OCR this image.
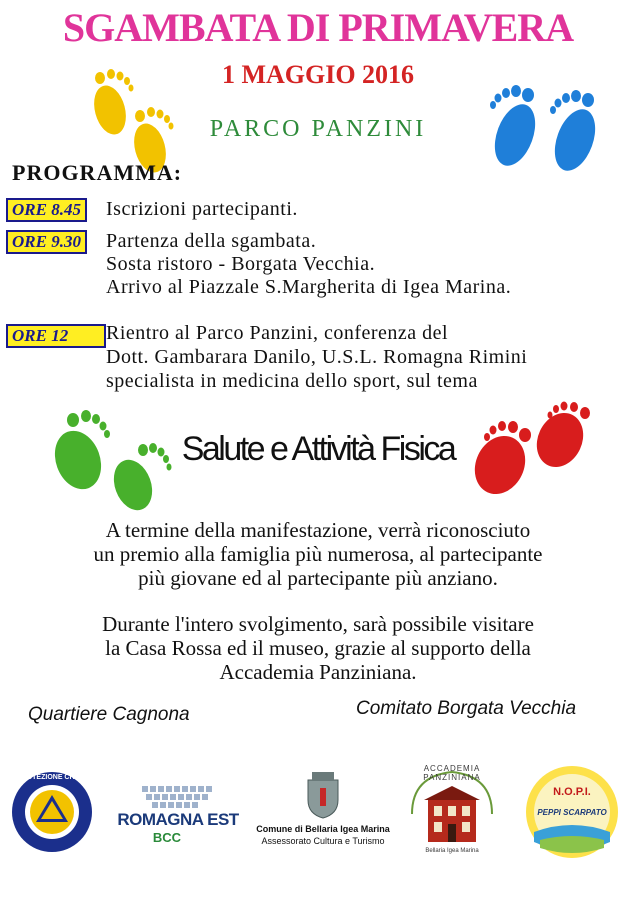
SGAMBATA DI PRIMAVERA
1 MAGGIO 2016
PARCO PANZINI
PROGRAMMA:
ORE 8.45	Iscrizioni partecipanti.
ORE 9.30	Partenza della sgambata.
Sosta ristoro - Borgata Vecchia.
Arrivo al Piazzale S.Margherita di Igea Marina.
ORE 12	Rientro al Parco Panzini, conferenza del
Dott. Gambarara Danilo, U.S.L. Romagna Rimini
specialista in medicina dello sport, sul tema
Salute e Attività Fisica
A termine della manifestazione, verrà riconosciuto
un premio alla famiglia più numerosa, al partecipante
più giovane ed al partecipante più anziano.
Durante l'intero svolgimento, sarà possibile visitare
la Casa Rossa ed il museo, grazie al supporto della
Accademia Panziniana.
Quartiere Cagnona	Comitato Borgata Vecchia
PROTEZIONE CIVILE
ROMAGNA EST
BCC
Comune di Bellaria Igea Marina
Assessorato Cultura e Turismo
ACCADEMIA PANZINIANA
Bellaria Igea Marina
N.O.P.I.
PEPPI SCARPATO
